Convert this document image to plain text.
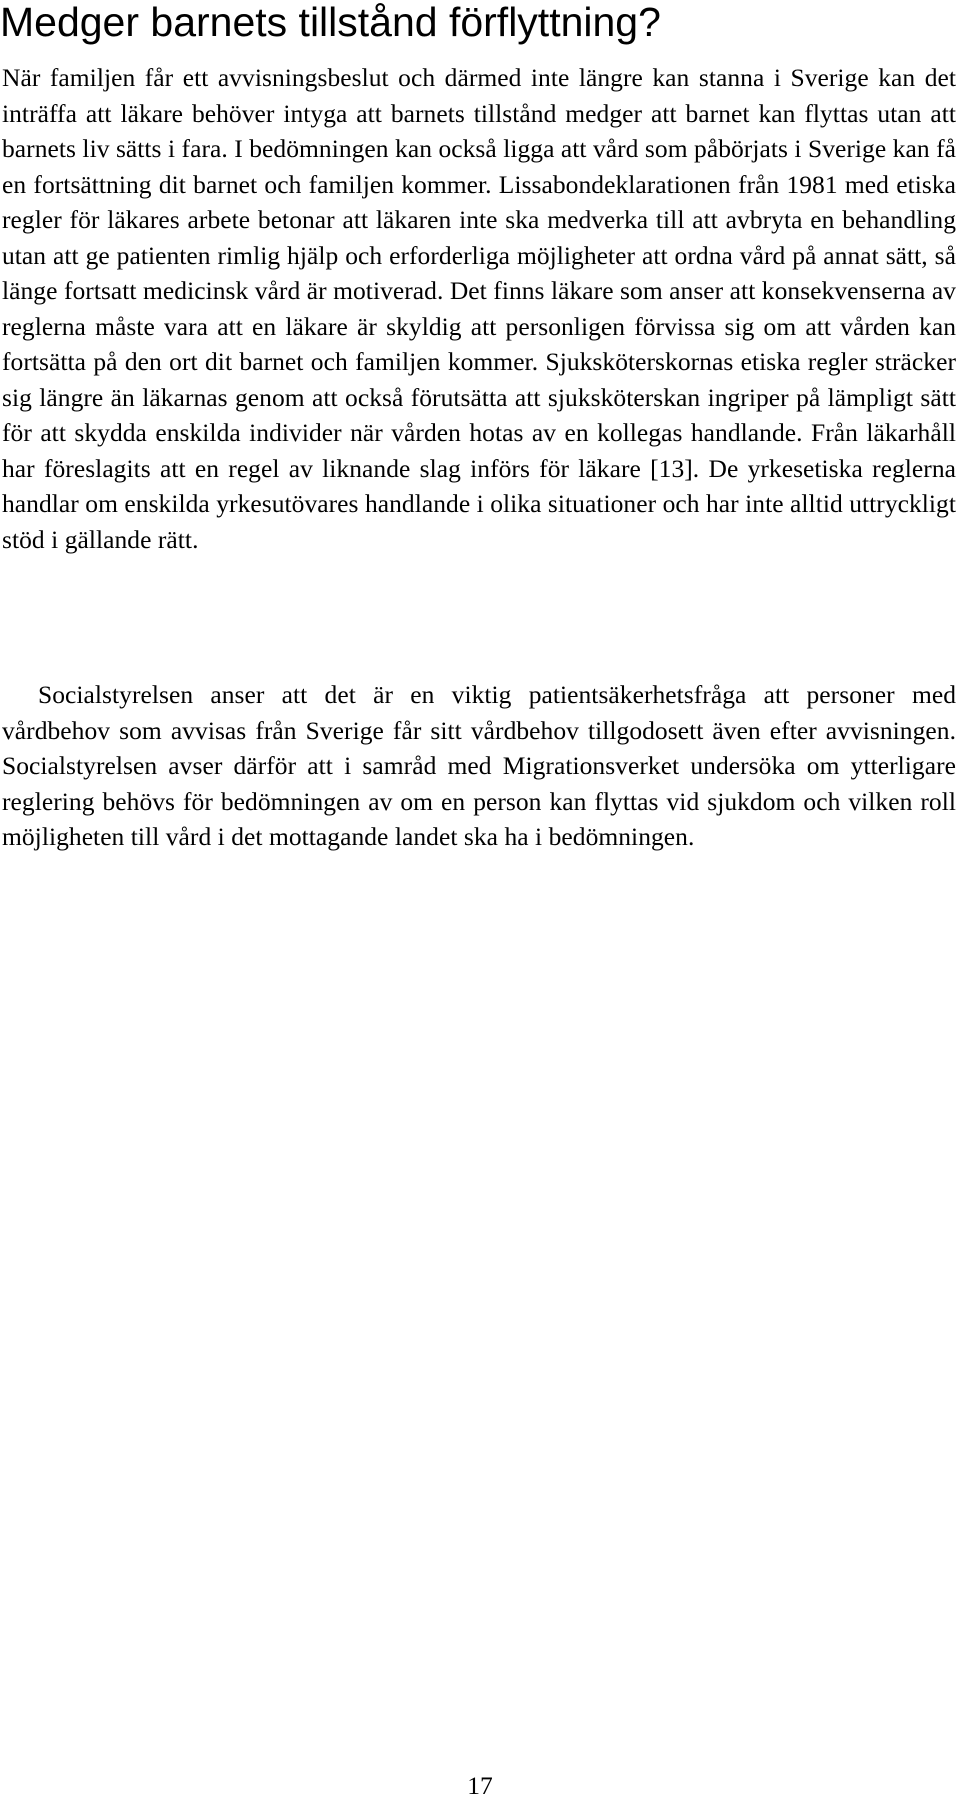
Medger barnets tillstånd förflyttning?

När familjen får ett avvisningsbeslut och därmed inte längre kan stanna i Sverige kan det inträffa att läkare behöver intyga att barnets tillstånd medger att barnet kan flyttas utan att barnets liv sätts i fara. I bedömningen kan också ligga att vård som påbörjats i Sverige kan få en fortsättning dit barnet och familjen kommer. Lissabondeklarationen från 1981 med etiska regler för läkares arbete betonar att läkaren inte ska medverka till att avbryta en behandling utan att ge patienten rimlig hjälp och erforderliga möjligheter att ordna vård på annat sätt, så länge fortsatt medicinsk vård är motiverad. Det finns läkare som anser att konsekvenserna av reglerna måste vara att en läkare är skyldig att personligen förvissa sig om att vården kan fortsätta på den ort dit barnet och familjen kommer. Sjuksköterskornas etiska regler sträcker sig längre än läkarnas genom att också förutsätta att sjuksköterskan ingriper på lämpligt sätt för att skydda enskilda individer när vården hotas av en kollegas handlande. Från läkarhåll har föreslagits att en regel av liknande slag införs för läkare [13]. De yrkesetiska reglerna handlar om enskilda yrkesutövares handlande i olika situationer och har inte alltid uttryckligt stöd i gällande rätt.

Socialstyrelsen anser att det är en viktig patientsäkerhetsfråga att personer med vårdbehov som avvisas från Sverige får sitt vårdbehov tillgodosett även efter avvisningen. Socialstyrelsen avser därför att i samråd med Migrationsverket undersöka om ytterligare reglering behövs för bedömningen av om en person kan flyttas vid sjukdom och vilken roll möjligheten till vård i det mottagande landet ska ha i bedömningen.

17
